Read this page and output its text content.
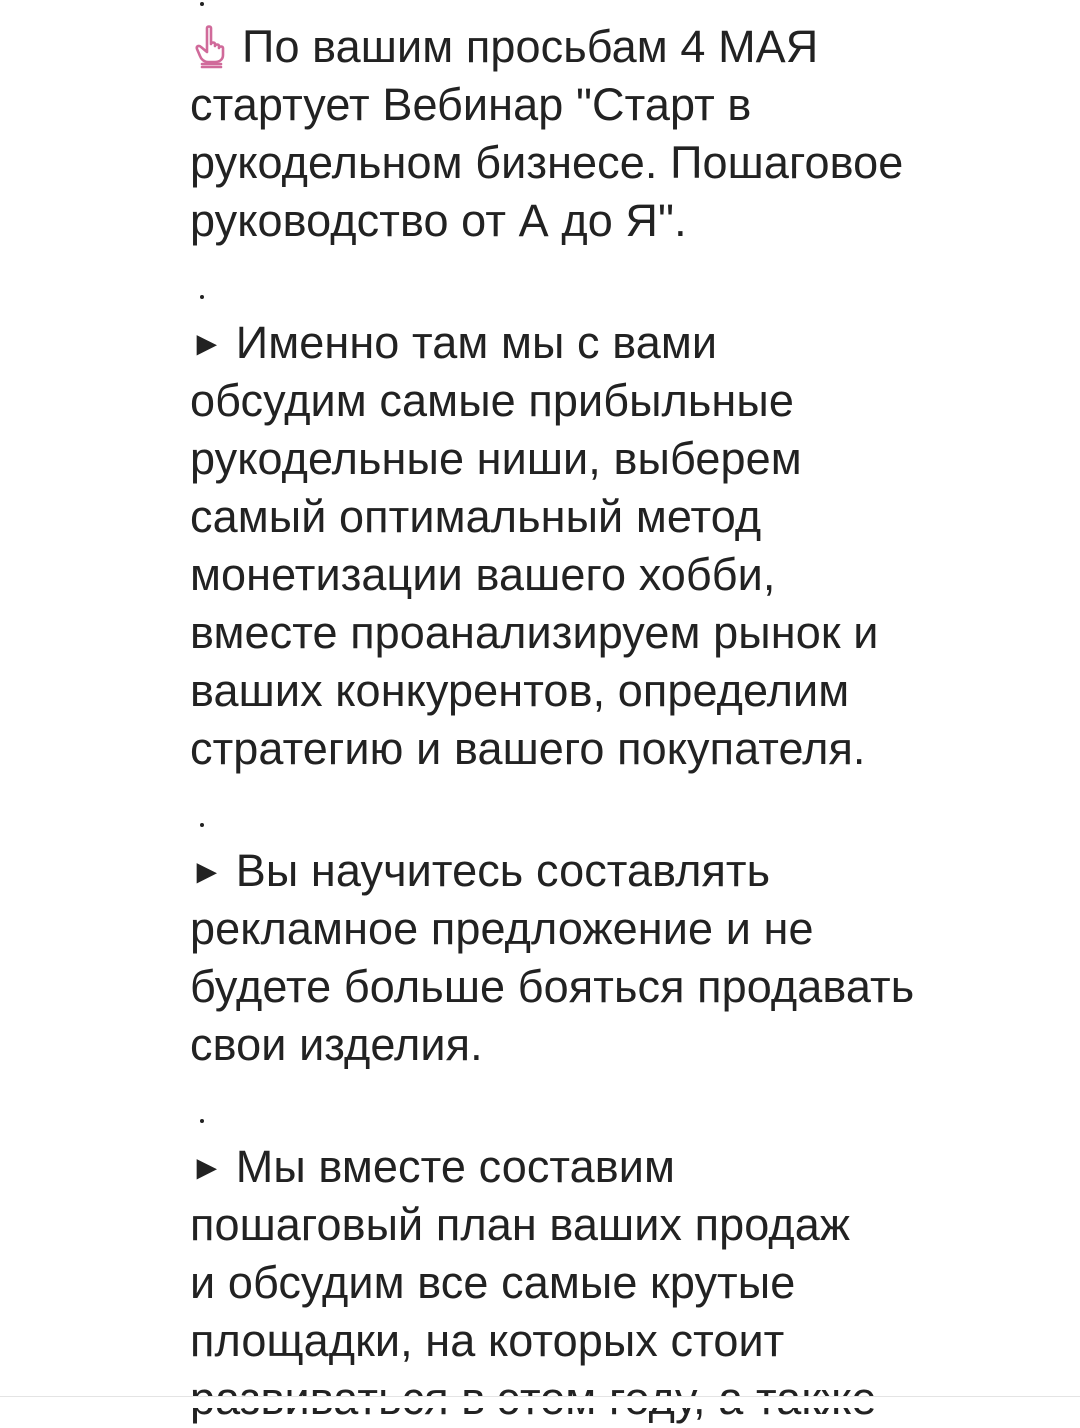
По вашим просьбам 4 МАЯ
стартует Вебинар "Старт в
рукодельном бизнесе. Пошаговое
руководство от А до Я".
► Именно там мы с вами
обсудим самые прибыльные
рукодельные ниши, выберем
самый оптимальный метод
монетизации вашего хобби,
вместе проанализируем рынок и
ваших конкурентов, определим
стратегию и вашего покупателя.
► Вы научитесь составлять
рекламное предложение и не
будете больше бояться продавать
свои изделия.
► Мы вместе составим
пошаговый план ваших продаж
и обсудим все самые крутые
площадки, на которых стоит
